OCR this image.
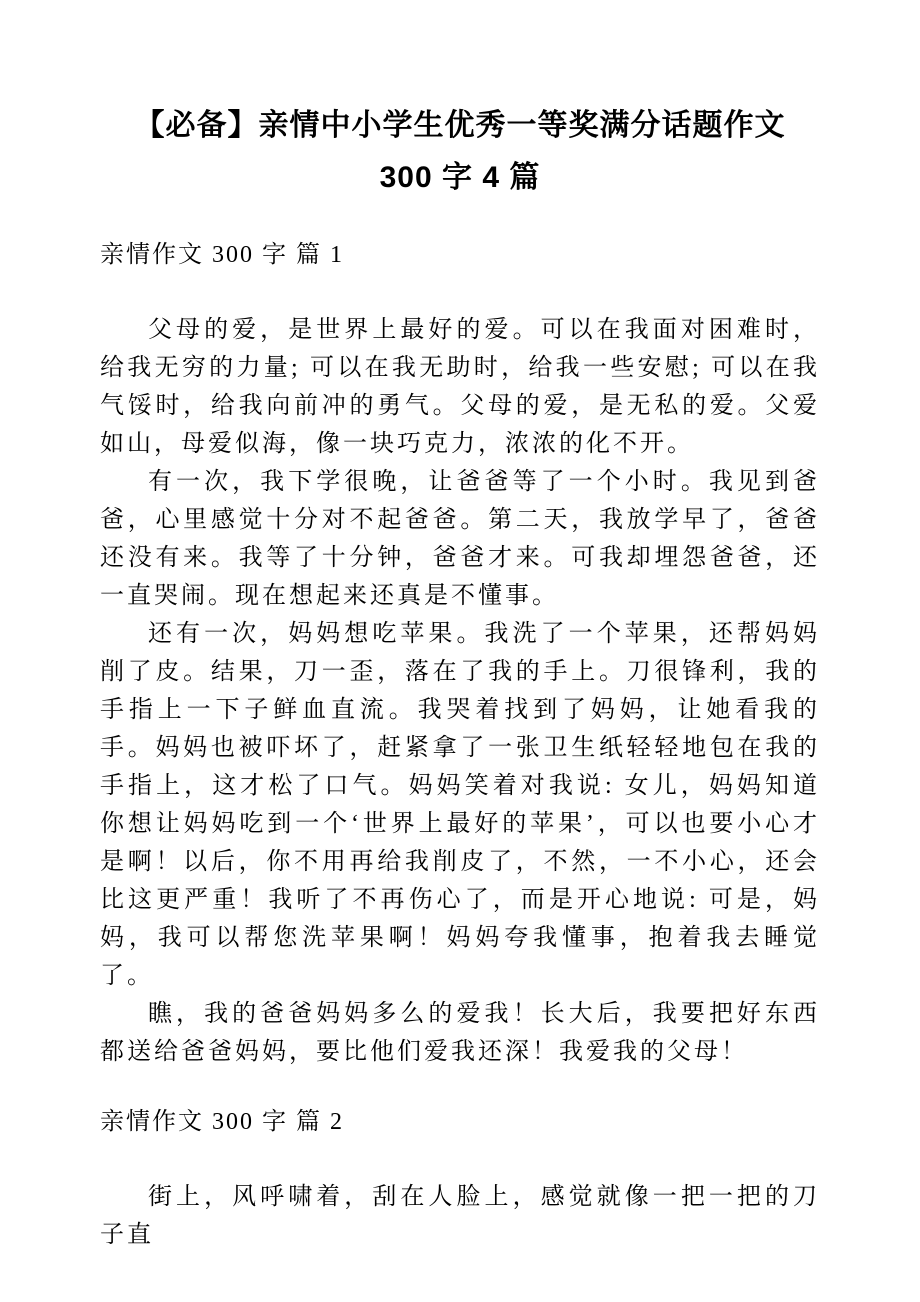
【必备】亲情中小学生优秀一等奖满分话题作文 300 字 4 篇

亲情作文 300 字 篇 1

父母的爱，是世界上最好的爱。可以在我面对困难时，给我无穷的力量; 可以在我无助时，给我一些安慰; 可以在我气馁时，给我向前冲的勇气。父母的爱，是无私的爱。父爱如山，母爱似海，像一块巧克力，浓浓的化不开。

有一次，我下学很晚，让爸爸等了一个小时。我见到爸爸，心里感觉十分对不起爸爸。第二天，我放学早了，爸爸还没有来。我等了十分钟，爸爸才来。可我却埋怨爸爸，还一直哭闹。现在想起来还真是不懂事。

还有一次，妈妈想吃苹果。我洗了一个苹果，还帮妈妈削了皮。结果，刀一歪，落在了我的手上。刀很锋利，我的手指上一下子鲜血直流。我哭着找到了妈妈，让她看我的手。妈妈也被吓坏了，赶紧拿了一张卫生纸轻轻地包在我的手指上，这才松了口气。妈妈笑着对我说: 女儿，妈妈知道你想让妈妈吃到一个‘世界上最好的苹果’，可以也要小心才是啊！以后，你不用再给我削皮了，不然，一不小心，还会比这更严重！我听了不再伤心了，而是开心地说: 可是，妈妈，我可以帮您洗苹果啊！妈妈夸我懂事，抱着我去睡觉了。

瞧，我的爸爸妈妈多么的爱我！长大后，我要把好东西都送给爸爸妈妈，要比他们爱我还深！我爱我的父母！

亲情作文 300 字 篇 2

街上，风呼啸着，刮在人脸上，感觉就像一把一把的刀子直
